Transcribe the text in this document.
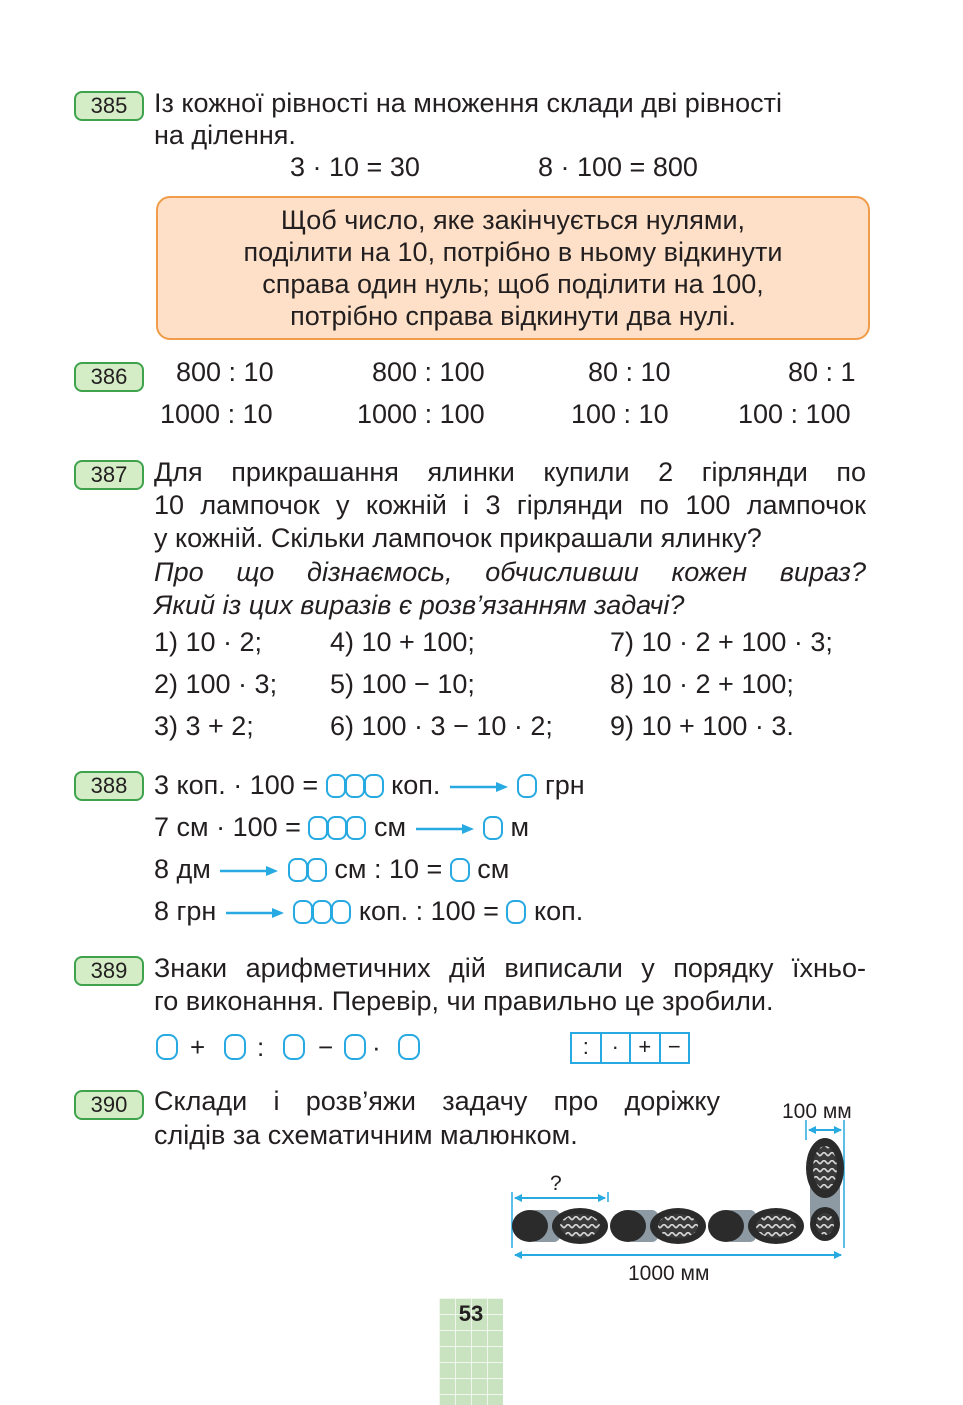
385 Із кожної рівності на множення склади дві рівності
на ділення.
3 · 10 = 30	8 · 100 = 800
Щоб число, яке закінчується нулями,
поділити на 10, потрібно в ньому відкинути
справа один нуль; щоб поділити на 100,
потрібно справа відкинути два нулі.
386	800 : 10	800 : 100	80 : 10	80 : 1
1000 : 10	1000 : 100	100 : 10	100 : 100
387 Для прикрашання ялинки купили 2 гірлянди по
10 лампочок у кожній і 3 гірлянди по 100 лампочок
у кожній. Скільки лампочок прикрашали ялинку?
Про що дізнаємось, обчисливши кожен вираз?
Який із цих виразів є розв’язанням задачі?
1) 10 · 2;	4) 10 + 100;	7) 10 · 2 + 100 · 3;
2) 100 · 3; 5) 100 − 10;	8) 10 · 2 + 100;
3) 3 + 2;	6) 100 · 3 − 10 · 2; 9) 10 + 100 · 3.
388 3 коп. · 100 =	коп.	грн
7 см · 100 =	см	м
8 дм	см : 10 = см
8 грн	коп. : 100 = коп.
389 Знаки арифметичних дій виписали у порядку їхньо-
го виконання. Перевір, чи правильно це зробили.
+ : − ·	:	· + −
390 Склади і розв’яжи задачу про доріжку
слідів за схематичним малюнком.
100 мм
?
1000 мм
53
